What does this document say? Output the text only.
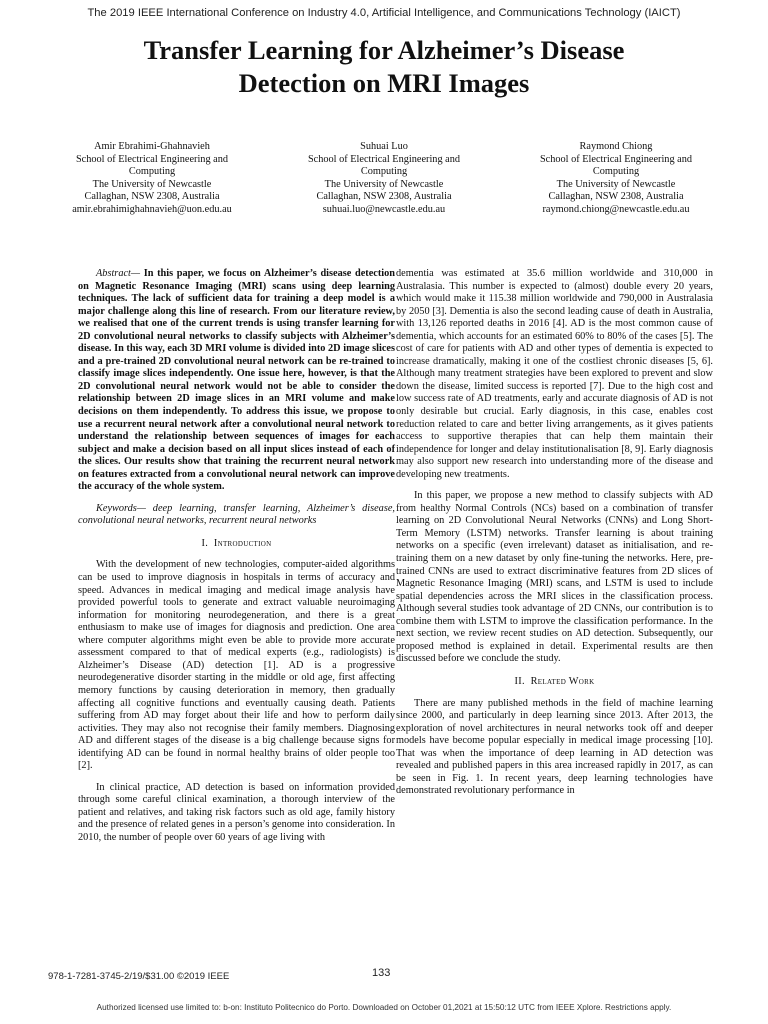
The 2019 IEEE International Conference on Industry 4.0, Artificial Intelligence, and Communications Technology (IAICT)
Transfer Learning for Alzheimer’s Disease
Detection on MRI Images
Amir Ebrahimi-Ghahnavieh
School of Electrical Engineering and
Computing
The University of Newcastle
Callaghan, NSW 2308, Australia
amir.ebrahimighahnavieh@uon.edu.au
Suhuai Luo
School of Electrical Engineering and
Computing
The University of Newcastle
Callaghan, NSW 2308, Australia
suhuai.luo@newcastle.edu.au
Raymond Chiong
School of Electrical Engineering and
Computing
The University of Newcastle
Callaghan, NSW 2308, Australia
raymond.chiong@newcastle.edu.au

Abstract— In this paper, we focus on Alzheimer’s disease detection on Magnetic Resonance Imaging (MRI) scans using deep learning techniques. The lack of sufficient data for training a deep model is a major challenge along this line of research. From our literature review, we realised that one of the current trends is using transfer learning for 2D convolutional neural networks to classify subjects with Alzheimer’s disease. In this way, each 3D MRI volume is divided into 2D image slices and a pre-trained 2D convolutional neural network can be re-trained to classify image slices independently. One issue here, however, is that the 2D convolutional neural network would not be able to consider the relationship between 2D image slices in an MRI volume and make decisions on them independently. To address this issue, we propose to use a recurrent neural network after a convolutional neural network to understand the relationship between sequences of images for each subject and make a decision based on all input slices instead of each of the slices. Our results show that training the recurrent neural network on features extracted from a convolutional neural network can improve the accuracy of the whole system.

Keywords— deep learning, transfer learning, Alzheimer’s disease, convolutional neural networks, recurrent neural networks

I. Introduction

With the development of new technologies, computer-aided algorithms can be used to improve diagnosis in hospitals in terms of accuracy and speed. Advances in medical imaging and medical image analysis have provided powerful tools to generate and extract valuable neuroimaging information for monitoring neurodegeneration, and there is a great enthusiasm to make use of images for diagnosis and prediction. One area where computer algorithms might even be able to provide more accurate assessment compared to that of medical experts (e.g., radiologists) is Alzheimer’s Disease (AD) detection [1]. AD is a progressive neurodegenerative disorder starting in the middle or old age, first affecting memory functions by causing deterioration in memory, then gradually affecting all cognitive functions and eventually causing death. Patients suffering from AD may forget about their life and how to perform daily activities. They may also not recognise their family members. Diagnosing AD and different stages of the disease is a big challenge because signs for identifying AD can be found in normal healthy brains of older people too [2].

In clinical practice, AD detection is based on information provided through some careful clinical examination, a thorough interview of the patient and relatives, and taking risk factors such as old age, family history and the presence of related genes in a person’s genome into consideration. In 2010, the number of people over 60 years of age living with

dementia was estimated at 35.6 million worldwide and 310,000 in Australasia. This number is expected to (almost) double every 20 years, which would make it 115.38 million worldwide and 790,000 in Australasia by 2050 [3]. Dementia is also the second leading cause of death in Australia, with 13,126 reported deaths in 2016 [4]. AD is the most common cause of dementia, which accounts for an estimated 60% to 80% of the cases [5]. The cost of care for patients with AD and other types of dementia is expected to increase dramatically, making it one of the costliest chronic diseases [5, 6]. Although many treatment strategies have been explored to prevent and slow down the disease, limited success is reported [7]. Due to the high cost and low success rate of AD treatments, early and accurate diagnosis of AD is not only desirable but crucial. Early diagnosis, in this case, enables cost reduction related to care and better living arrangements, as it gives patients access to supportive therapies that can help them maintain their independence for longer and delay institutionalisation [8, 9]. Early diagnosis may also support new research into understanding more of the disease and developing new treatments.

In this paper, we propose a new method to classify subjects with AD from healthy Normal Controls (NCs) based on a combination of transfer learning on 2D Convolutional Neural Networks (CNNs) and Long Short-Term Memory (LSTM) networks. Transfer learning is about training networks on a specific (even irrelevant) dataset as initialisation, and re-training them on a new dataset by only fine-tuning the networks. Here, pre-trained CNNs are used to extract discriminative features from 2D slices of Magnetic Resonance Imaging (MRI) scans, and LSTM is used to include spatial dependencies across the MRI slices in the classification process. Although several studies took advantage of 2D CNNs, our contribution is to combine them with LSTM to improve the classification performance. In the next section, we review recent studies on AD detection. Subsequently, our proposed method is explained in detail. Experimental results are then discussed before we conclude the study.

II. Related Work

There are many published methods in the field of machine learning since 2000, and particularly in deep learning since 2013. After 2013, the exploration of novel architectures in neural networks took off and deeper models have become popular especially in medical image processing [10]. That was when the importance of deep learning in AD detection was revealed and published papers in this area increased rapidly in 2017, as can be seen in Fig. 1. In recent years, deep learning technologies have demonstrated revolutionary performance in

978-1-7281-3745-2/19/$31.00 ©2019 IEEE	133
Authorized licensed use limited to: b-on: Instituto Politecnico do Porto. Downloaded on October 01,2021 at 15:50:12 UTC from IEEE Xplore. Restrictions apply.
